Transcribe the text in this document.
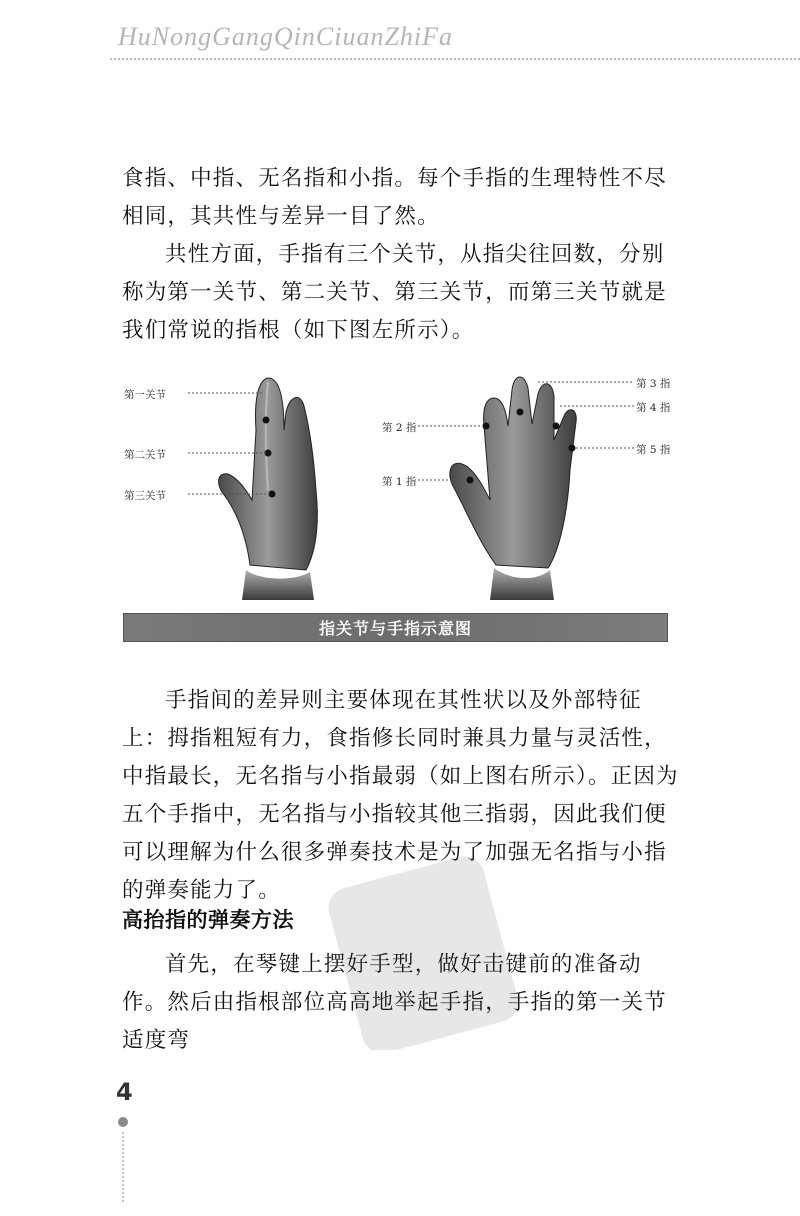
HuNongGangQinCiuanZhiFa

食指、中指、无名指和小指。每个手指的生理特性不尽相同，其共性与差异一目了然。

共性方面，手指有三个关节，从指尖往回数，分别称为第一关节、第二关节、第三关节，而第三关节就是我们常说的指根（如下图左所示）。

第一关节
第二关节
第三关节
第 2 指
第 1 指
第 3 指
第 4 指
第 5 指
指关节与手指示意图

手指间的差异则主要体现在其性状以及外部特征上：拇指粗短有力，食指修长同时兼具力量与灵活性，中指最长，无名指与小指最弱（如上图右所示）。正因为五个手指中，无名指与小指较其他三指弱，因此我们便可以理解为什么很多弹奏技术是为了加强无名指与小指的弹奏能力了。

高抬指的弹奏方法

首先，在琴键上摆好手型，做好击键前的准备动作。然后由指根部位高高地举起手指，手指的第一关节适度弯

4
